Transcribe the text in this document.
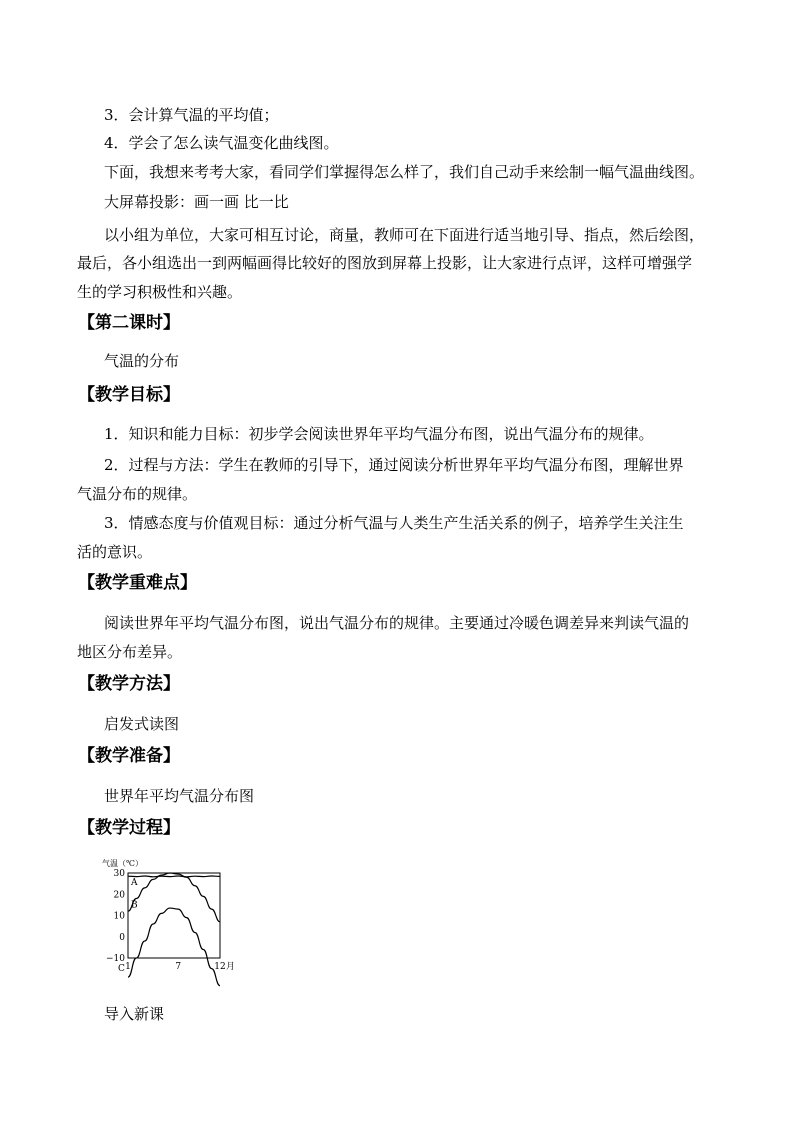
3．会计算气温的平均值；
4．学会了怎么读气温变化曲线图。
下面，我想来考考大家，看同学们掌握得怎么样了，我们自己动手来绘制一幅气温曲线图。
大屏幕投影：画一画 比一比
以小组为单位，大家可相互讨论，商量，教师可在下面进行适当地引导、指点，然后绘图，
最后，各小组选出一到两幅画得比较好的图放到屏幕上投影，让大家进行点评，这样可增强学
生的学习积极性和兴趣。
【第二课时】
气温的分布
【教学目标】
1．知识和能力目标：初步学会阅读世界年平均气温分布图，说出气温分布的规律。
2．过程与方法：学生在教师的引导下，通过阅读分析世界年平均气温分布图，理解世界
气温分布的规律。
3．情感态度与价值观目标：通过分析气温与人类生产生活关系的例子，培养学生关注生
活的意识。
【教学重难点】
阅读世界年平均气温分布图，说出气温分布的规律。主要通过冷暖色调差异来判读气温的
地区分布差异。
【教学方法】
启发式读图
【教学准备】
世界年平均气温分布图
【教学过程】
气温（℃）
30
20
10
0
−10
1	7	12 月
A
B
C
导入新课
